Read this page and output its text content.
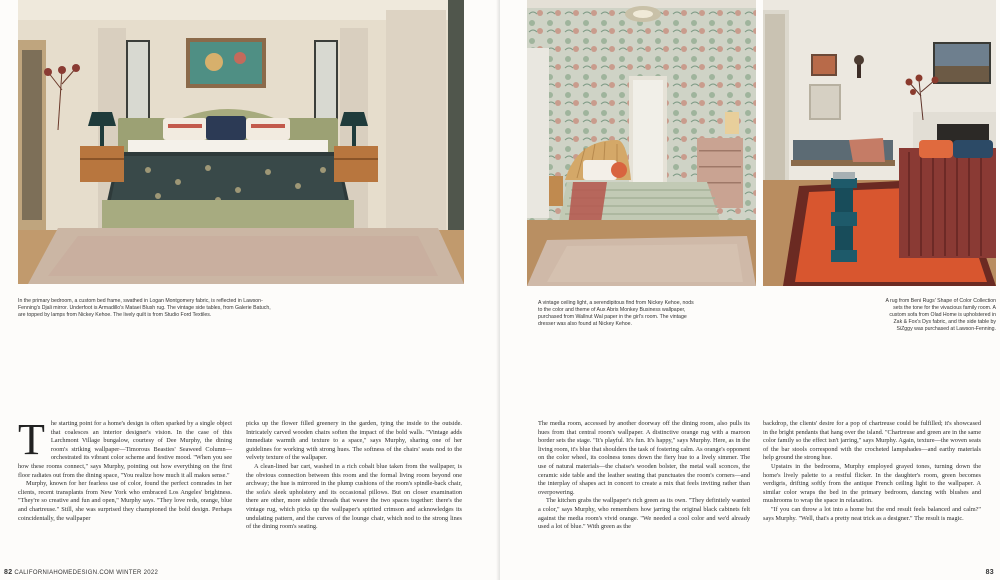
In the primary bedroom, a custom bed frame, swathed in Logan Montgomery fabric, is reflected in Lawson-Fenning's Djali mirror. Underfoot is Armadillo's Mataei Blush rug. The vintage side tables, from Galerie Batuch, are topped by lamps from Nickey Kehoe. The lively quilt is from Studio Ford Textiles.

T he starting point for a home's design is often sparked by a single object that coalesces an interior designer's vision. In the case of this Larchmont Village bungalow, courtesy of Dee Murphy, the dining room's striking wallpaper—Timorous Beasties' Seaweed Column—orchestrated its vibrant color scheme and festive mood. "When you see how these rooms connect," says Murphy, pointing out how everything on the first floor radiates out from the dining space, "You realize how much it all makes sense."

Murphy, known for her fearless use of color, found the perfect comrades in her clients, recent transplants from New York who embraced Los Angeles' brightness. "They're so creative and fun and open," Murphy says. "They love reds, orange, blue and chartreuse." Still, she was surprised they championed the bold design. Perhaps coincidentally, the wallpaper

picks up the flower filled greenery in the garden, tying the inside to the outside. Intricately carved wooden chairs soften the impact of the bold walls. "Vintage adds immediate warmth and texture to a space," says Murphy, sharing one of her guidelines for working with strong hues. The softness of the chairs' seats nod to the velvety texture of the wallpaper.

A clean-lined bar cart, washed in a rich cobalt blue taken from the wallpaper, is the obvious connection between this room and the formal living room beyond one archway; the hue is mirrored in the plump cushions of the room's spindle-back chair, the sofa's sleek upholstery and its occasional pillows. But on closer examination there are other, more subtle threads that weave the two spaces together: there's the vintage rug, which picks up the wallpaper's spirited crimson and acknowledges its undulating pattern, and the curves of the lounge chair, which nod to the strong lines of the dining room's seating.

82 CALIFORNIAHOMEDESIGN.COM WINTER 2022

A vintage ceiling light, a serendipitous find from Nickey Kehoe, nods to the color and theme of Aux Abris Monkey Business wallpaper, purchased from Wallnut Wal paper in the girl's room. The vintage dresser was also found at Nickey Kehoe.

A rug from Beni Rugs' Shape of Color Collection sets the tone for the vivacious family room. A custom sofa from Olad Home is upholstered in Zak & Fox's Dys fabric, and the side table by SiZggy was purchased at Lawson-Fenning.

The media room, accessed by another doorway off the dining room, also pulls its hues from that central room's wallpaper. A distinctive orange rug with a maroon border sets the stage. "It's playful. It's fun. It's happy," says Murphy. Here, as in the living room, it's blue that shoulders the task of fostering calm. As orange's opponent on the color wheel, its coolness tones down the fiery hue to a lively simmer. The use of natural materials—the chaise's wooden bolster, the metal wall sconces, the ceramic side table and the leather seating that punctuates the room's corners—and the interplay of shapes act in concert to create a mix that feels inviting rather than overpowering.

The kitchen grabs the wallpaper's rich green as its own. "They definitely wanted a color," says Murphy, who remembers how jarring the original black cabinets felt against the media room's vivid orange. "We needed a cool color and we'd already used a lot of blue." With green as the

backdrop, the clients' desire for a pop of chartreuse could be fulfilled; it's showcased in the bright pendants that hang over the island. "Chartreuse and green are in the same color family so the effect isn't jarring," says Murphy. Again, texture—the woven seats of the bar stools correspond with the crocheted lampshades—and earthy materials help ground the strong hue.

Upstairs in the bedrooms, Murphy employed grayed tones, turning down the home's lively palette to a restful flicker. In the daughter's room, green becomes verdigris, drifting softly from the antique French ceiling light to the wallpaper. A similar color wraps the bed in the primary bedroom, dancing with blushes and mushrooms to wrap the space in relaxation.

"If you can throw a lot into a home but the end result feels balanced and calm?" says Murphy. "Well, that's a pretty neat trick as a designer." The result is magic.

83
